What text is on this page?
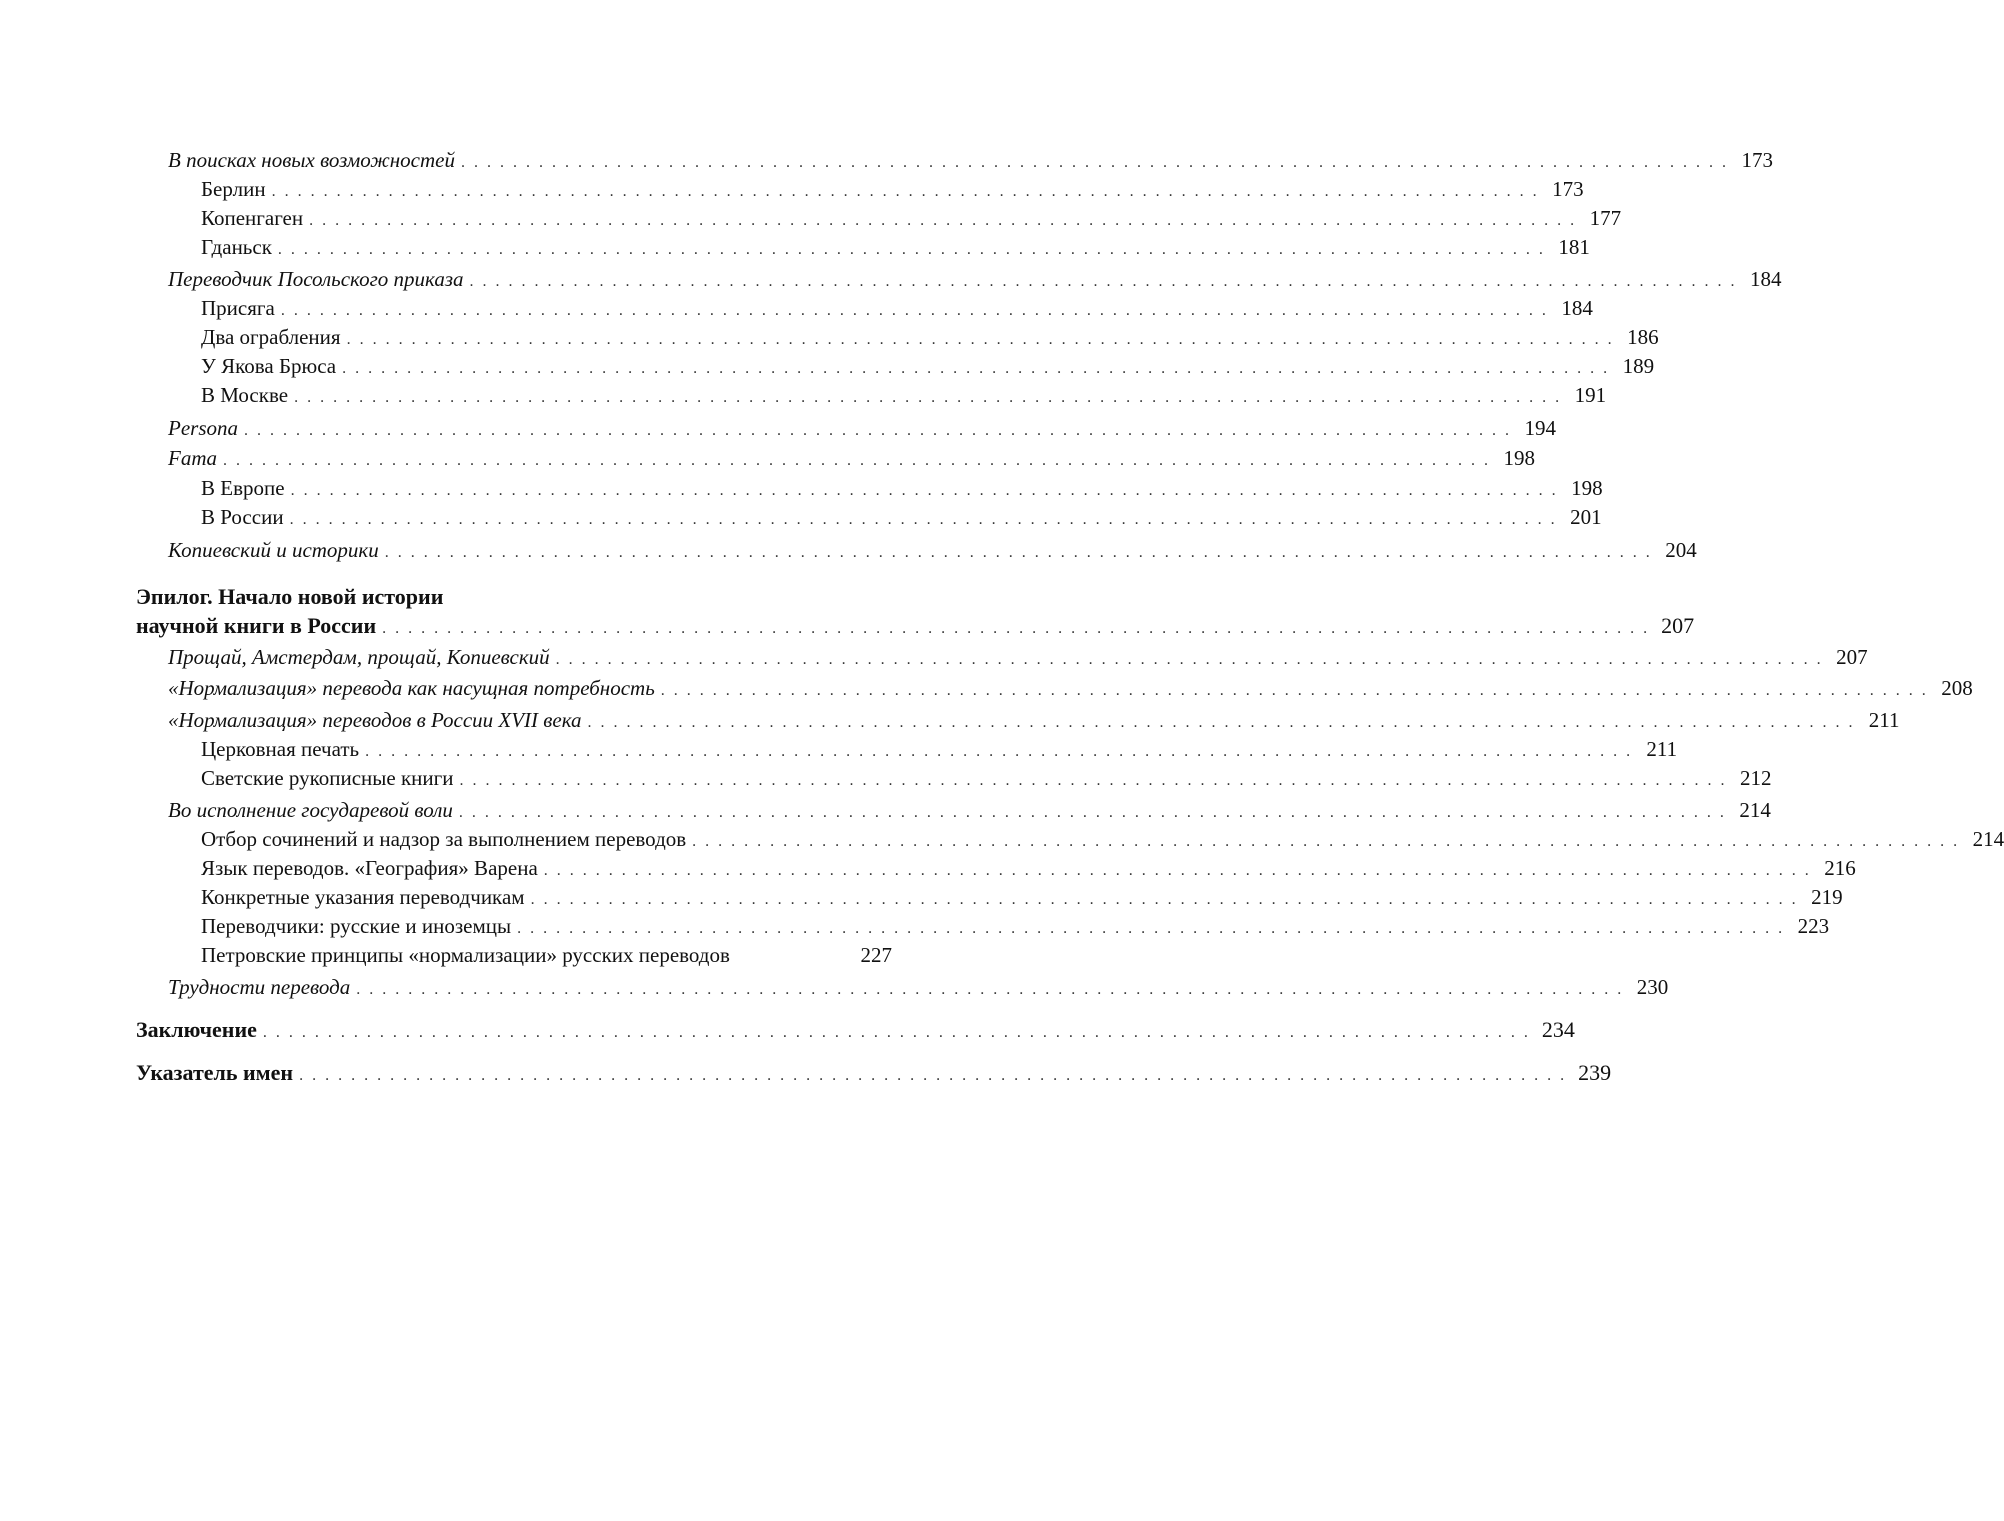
В поисках новых возможностей .................................................................................................. 173
Берлин .................................................................................................. 173
Копенгаген .................................................................................................. 177
Гданьск .................................................................................................. 181
Переводчик Посольского приказа .................................................................................................. 184
Присяга .................................................................................................. 184
Два ограбления .................................................................................................. 186
У Якова Брюса .................................................................................................. 189
В Москве .................................................................................................. 191
Persona .................................................................................................. 194
Fama .................................................................................................. 198
В Европе .................................................................................................. 198
В России .................................................................................................. 201
Копиевский и историки .................................................................................................. 204
Эпилог. Начало новой истории
научной книги в России .................................................................................................. 207
Прощай, Амстердам, прощай, Копиевский .................................................................................................. 207
«Нормализация» перевода как насущная потребность .................................................................................................. 208
«Нормализация» переводов в России XVII века .................................................................................................. 211
Церковная печать .................................................................................................. 211
Светские рукописные книги .................................................................................................. 212
Во исполнение государевой воли .................................................................................................. 214
Отбор сочинений и надзор за выполнением переводов .................................................................................................. 214
Язык переводов. «География» Варена .................................................................................................. 216
Конкретные указания переводчикам .................................................................................................. 219
Переводчики: русские и иноземцы .................................................................................................. 223
Петровские принципы «нормализации» русских переводов	227
Трудности перевода .................................................................................................. 230
Заключение .................................................................................................. 234
Указатель имен .................................................................................................. 239
